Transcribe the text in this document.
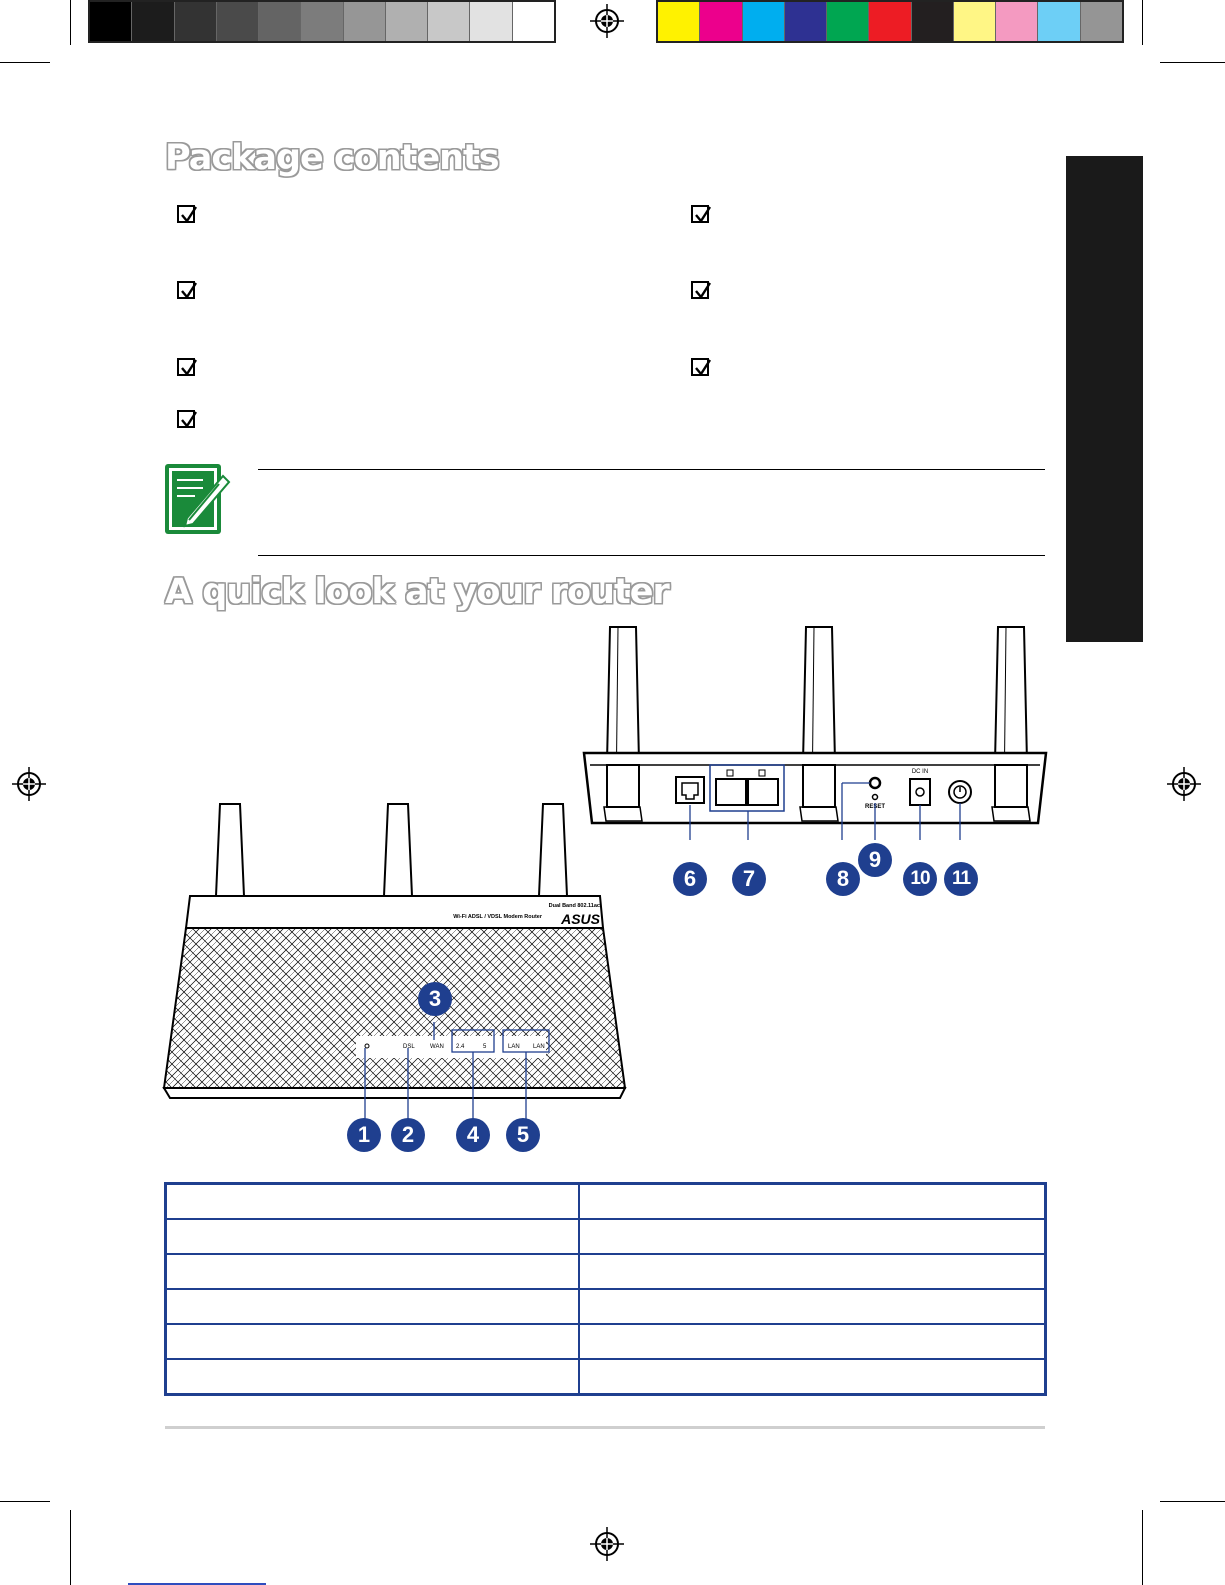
Package contents
A quick look at your router
RESET
DC IN
Dual Band 802.11ac
Wi-Fi ADSL / VDSL Modem Router ASUS
DSL	WAN 2.4	5	LAN LAN
6	7	8
9
10	11
3
1	2	4	5
